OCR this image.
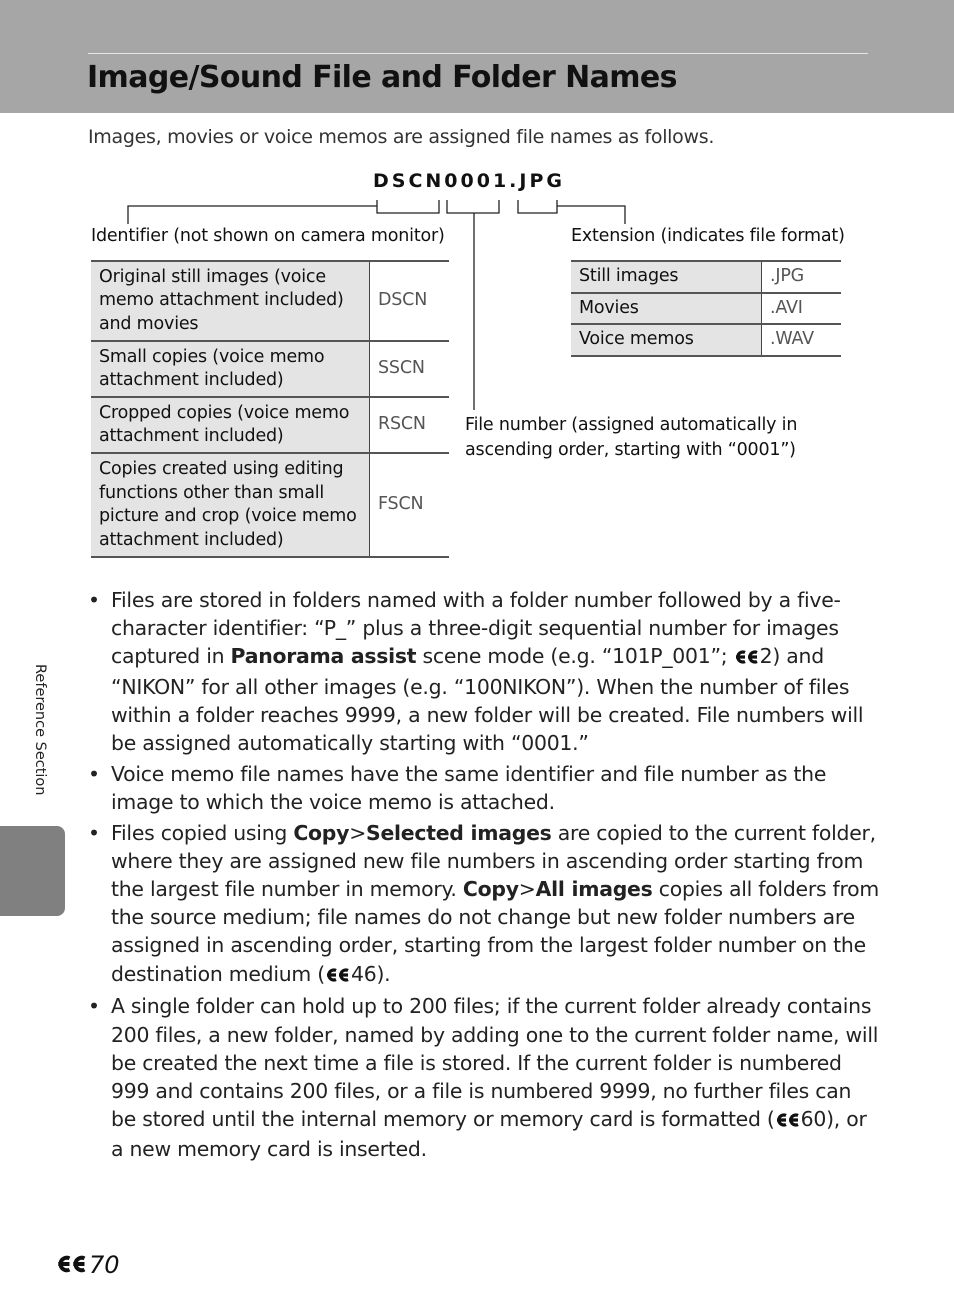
Image/Sound File and Folder Names
Images, movies or voice memos are assigned file names as follows.
DSCN0001.JPG
Identifier (not shown on camera monitor)	Extension (indicates file format)
Original still images (voice memo attachment included) and movies	DSCN
Small copies (voice memo attachment included)	SSCN
Cropped copies (voice memo attachment included)	RSCN
Copies created using editing functions other than small picture and crop (voice memo attachment included)	FSCN
Still images	.JPG
Movies	.AVI
Voice memos	.WAV
File number (assigned automatically in ascending order, starting with “0001”)
• Files are stored in folders named with a folder number followed by a five-character identifier: “P_” plus a three-digit sequential number for images captured in Panorama assist scene mode (e.g. “101P_001”; 2) and “NIKON” for all other images (e.g. “100NIKON”). When the number of files within a folder reaches 9999, a new folder will be created. File numbers will be assigned automatically starting with “0001.”
• Voice memo file names have the same identifier and file number as the image to which the voice memo is attached.
• Files copied using Copy>Selected images are copied to the current folder, where they are assigned new file numbers in ascending order starting from the largest file number in memory. Copy>All images copies all folders from the source medium; file names do not change but new folder numbers are assigned in ascending order, starting from the largest folder number on the destination medium ( 46).
• A single folder can hold up to 200 files; if the current folder already contains 200 files, a new folder, named by adding one to the current folder name, will be created the next time a file is stored. If the current folder is numbered 999 and contains 200 files, or a file is numbered 9999, no further files can be stored until the internal memory or memory card is formatted ( 60), or a new memory card is inserted.
Reference Section
70
